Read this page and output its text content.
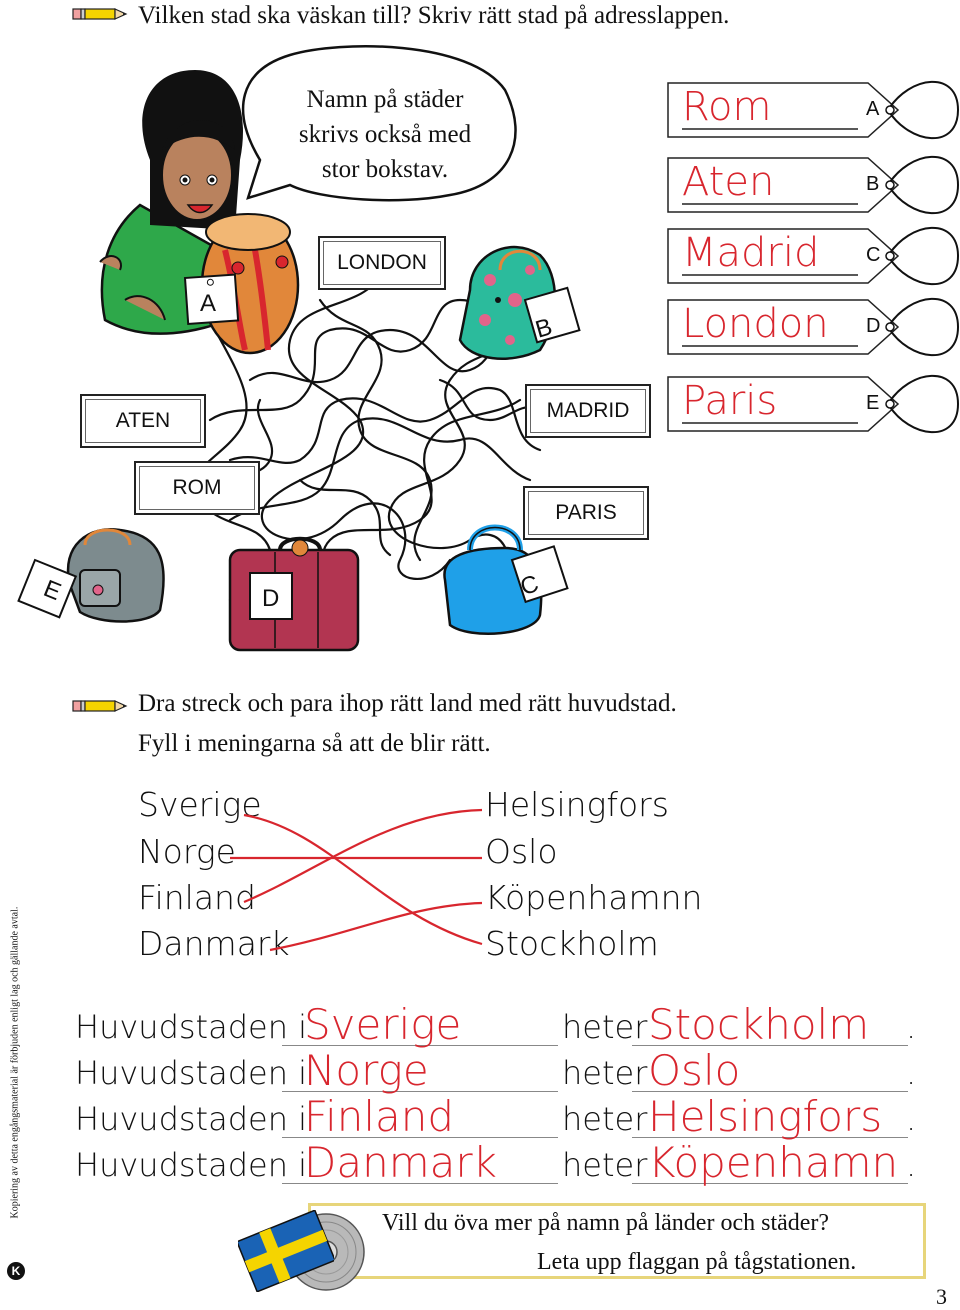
Vilken stad ska väskan till? Skriv rätt stad på adresslappen.
Namn på städer
skrivs också med
stor bokstav.
A
B
C
D
E
LONDON
ATEN	MADRID
ROM
PARIS
Rom	A
Aten	B
Madrid C
London D
Paris	E
Dra streck och para ihop rätt land med rätt huvudstad.
Fyll i meningarna så att de blir rätt.
Sverige
Norge
Finland
Danmark
Helsingfors
Oslo
Köpenhamnn
Stockholm
Huvudstaden i
Sverige	heter Stockholm .
Huvudstaden i
Norge	heter Oslo	.
Huvudstaden i
Finland	heter Helsingfors .
Huvudstaden i
Danmark heter Köpenhamn .
Vill du öva mer på namn på länder och städer?
Leta upp flaggan på tågstationen.
Kopiering av detta engångsmaterial är förbjuden enligt lag och gällande avtal.
K
3
